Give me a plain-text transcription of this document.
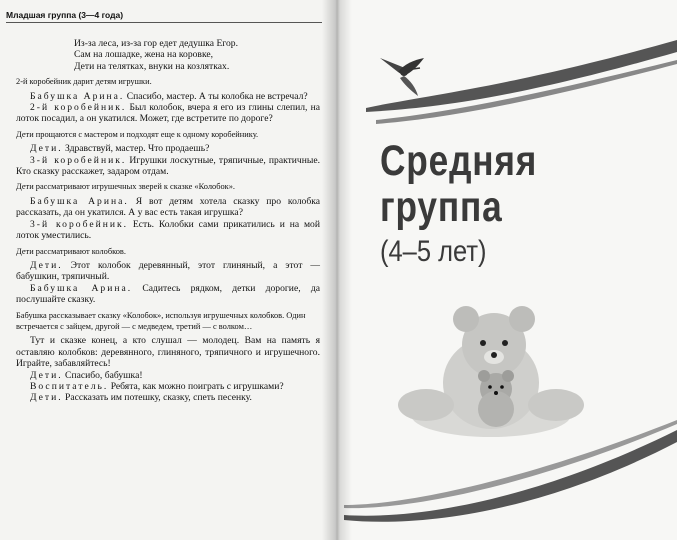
Младшая группа (3—4 года)

Из-за леса, из-за гор едет дедушка Егор.

Сам на лошадке, жена на коровке,

Дети на телятках, внуки на козлятках.

2-й коробейник дарит детям игрушки.

Бабушка Арина. Спасибо, мастер. А ты колобка не встречал?

2-й коробейник. Был колобок, вчера я его из глины слепил, на лоток посадил, а он укатился. Может, где встретите по дороге?

Дети прощаются с мастером и подходят еще к одному коробейнику.

Дети. Здравствуй, мастер. Что продаешь?

3-й коробейник. Игрушки лоскутные, тряпичные, практичные. Кто сказку расскажет, задаром отдам.

Дети рассматривают игрушечных зверей к сказке «Колобок».

Бабушка Арина. Я вот детям хотела сказку про колобка рассказать, да он укатился. А у вас есть такая игрушка?

3-й коробейник. Есть. Колобки сами прикатились и на мой лоток уместились.

Дети рассматривают колобков.

Дети. Этот колобок деревянный, этот глиняный, а этот — бабушкин, тряпичный.

Бабушка Арина. Садитесь рядком, детки дорогие, да послушайте сказку.

Бабушка рассказывает сказку «Колобок», используя игрушечных колобков. Один встречается с зайцем, другой — с медведем, третий — с волком…

Тут и сказке конец, а кто слушал — молодец. Вам на память я оставляю колобков: деревянного, глиняного, тряпичного и игрушечного. Играйте, забавляйтесь!

Дети. Спасибо, бабушка!

Воспитатель. Ребята, как можно поиграть с игрушками?

Дети. Рассказать им потешку, сказку, спеть песенку.

Средняя
группа
(4–5 лет)
